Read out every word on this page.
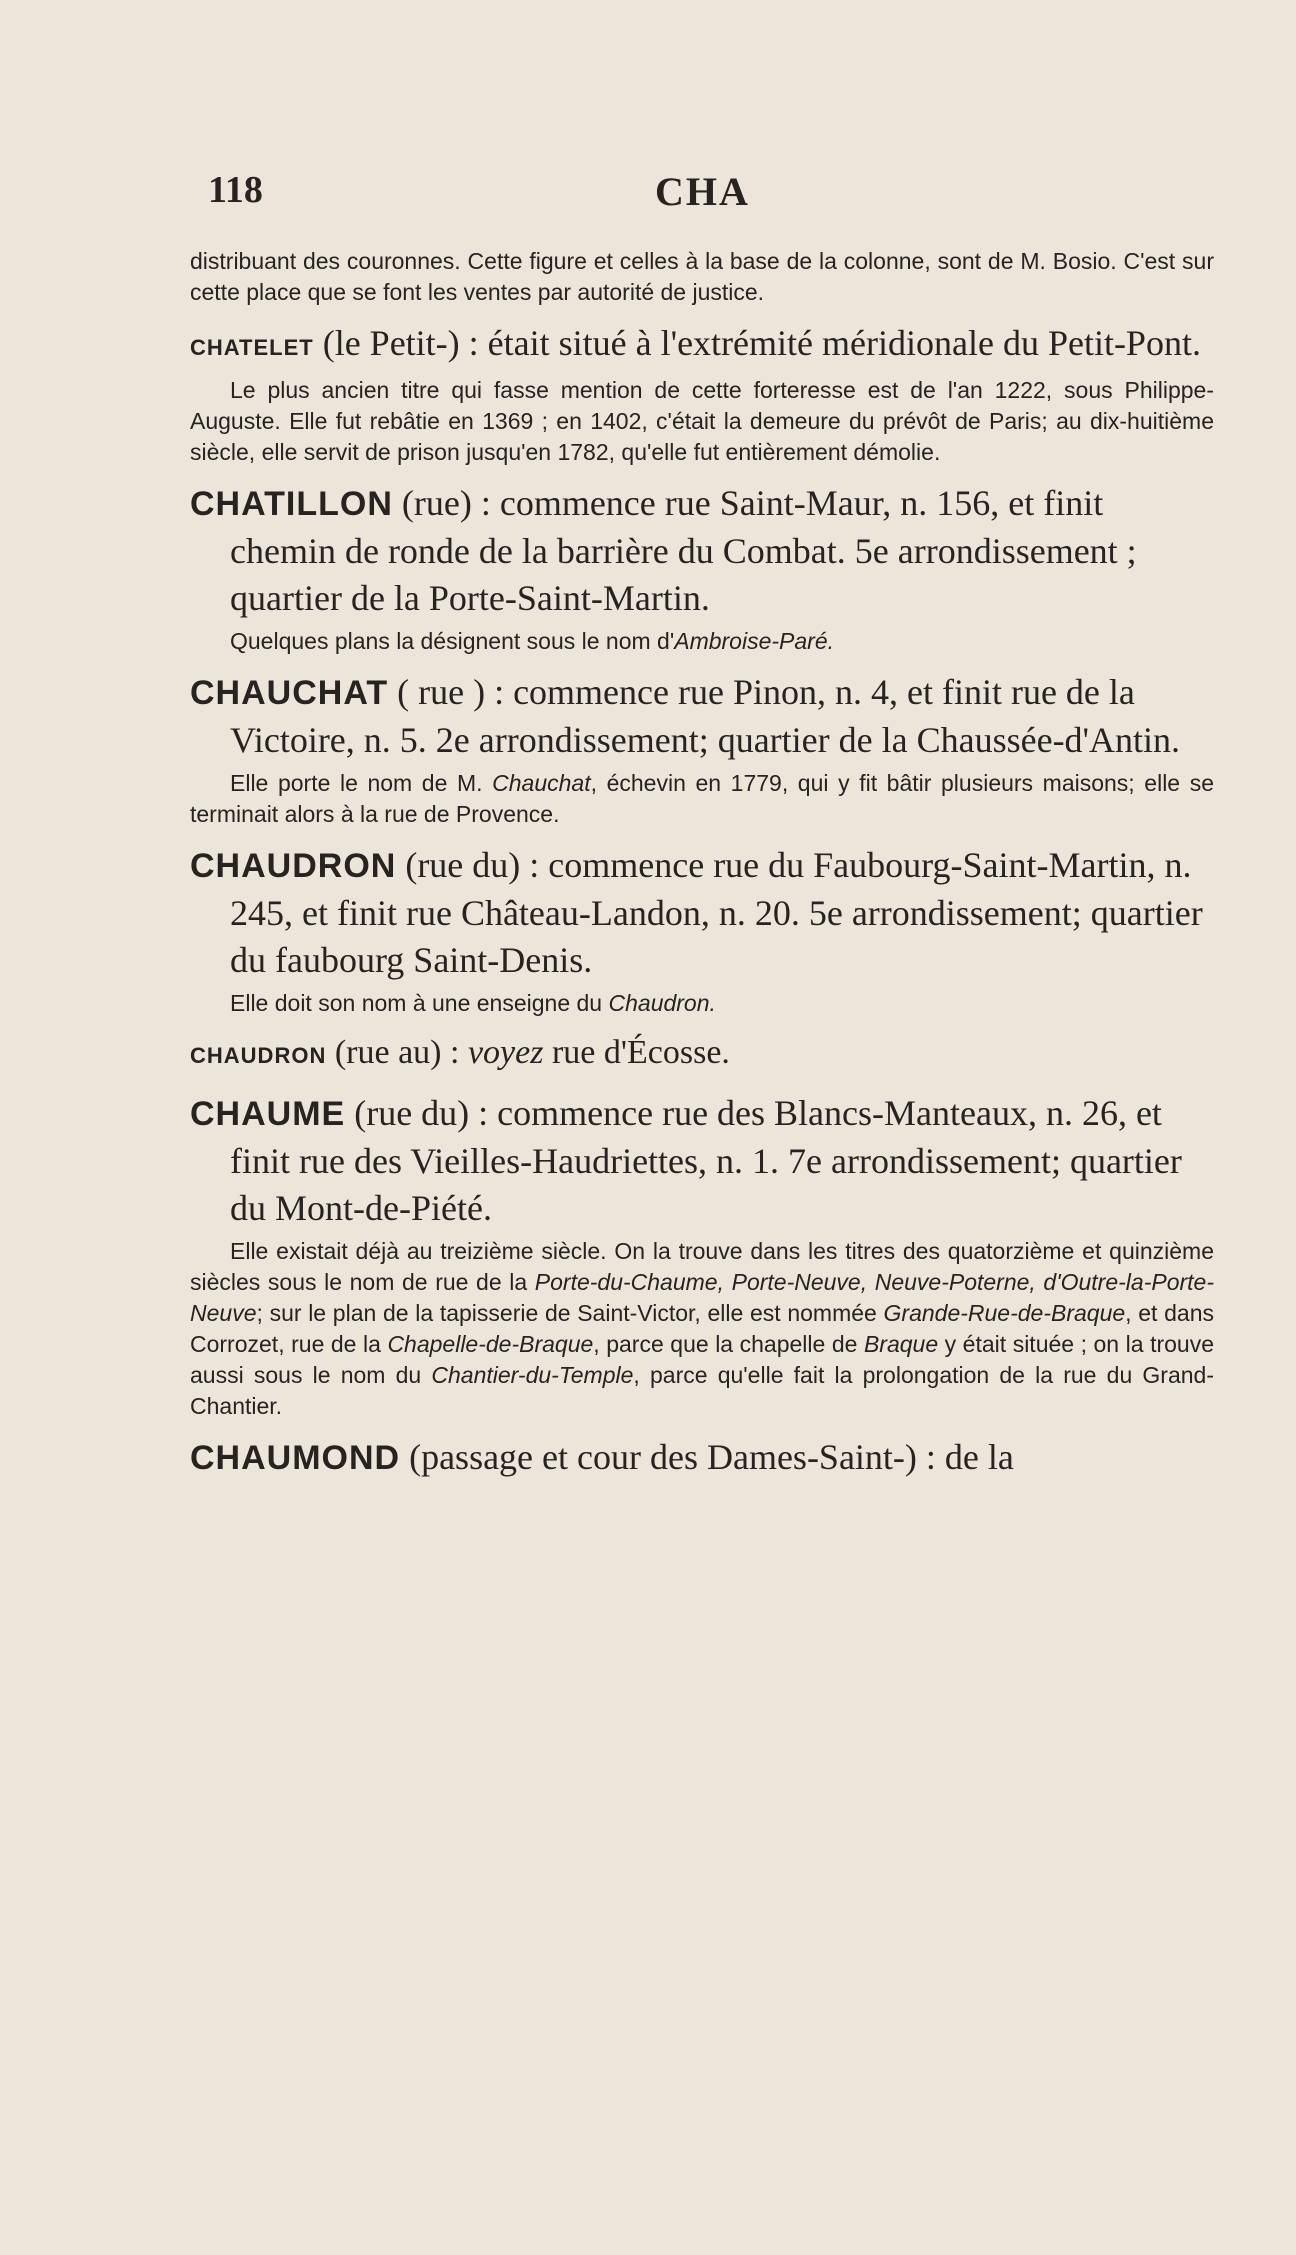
118	CHA

distribuant des couronnes. Cette figure et celles à la base de la colonne, sont de M. Bosio. C'est sur cette place que se font les ventes par autorité de justice.

CHATELET (le Petit-) : était situé à l'extrémité méridionale du Petit-Pont.

Le plus ancien titre qui fasse mention de cette forteresse est de l'an 1222, sous Philippe-Auguste. Elle fut rebâtie en 1369 ; en 1402, c'était la demeure du prévôt de Paris; au dix-huitième siècle, elle servit de prison jusqu'en 1782, qu'elle fut entièrement démolie.

CHATILLON (rue) : commence rue Saint-Maur, n. 156, et finit chemin de ronde de la barrière du Combat. 5e arrondissement ; quartier de la Porte-Saint-Martin.

Quelques plans la désignent sous le nom d'Ambroise-Paré.

CHAUCHAT ( rue ) : commence rue Pinon, n. 4, et finit rue de la Victoire, n. 5. 2e arrondissement; quartier de la Chaussée-d'Antin.

Elle porte le nom de M. Chauchat, échevin en 1779, qui y fit bâtir plusieurs maisons; elle se terminait alors à la rue de Provence.

CHAUDRON (rue du) : commence rue du Faubourg-Saint-Martin, n. 245, et finit rue Château-Landon, n. 20. 5e arrondissement; quartier du faubourg Saint-Denis.

Elle doit son nom à une enseigne du Chaudron.

CHAUDRON (rue au) : voyez rue d'Écosse.

CHAUME (rue du) : commence rue des Blancs-Manteaux, n. 26, et finit rue des Vieilles-Haudriettes, n. 1. 7e arrondissement; quartier du Mont-de-Piété.

Elle existait déjà au treizième siècle. On la trouve dans les titres des quatorzième et quinzième siècles sous le nom de rue de la Porte-du-Chaume, Porte-Neuve, Neuve-Poterne, d'Outre-la-Porte-Neuve; sur le plan de la tapisserie de Saint-Victor, elle est nommée Grande-Rue-de-Braque, et dans Corrozet, rue de la Chapelle-de-Braque, parce que la chapelle de Braque y était située ; on la trouve aussi sous le nom du Chantier-du-Temple, parce qu'elle fait la prolongation de la rue du Grand-Chantier.

CHAUMOND (passage et cour des Dames-Saint-) : de la
